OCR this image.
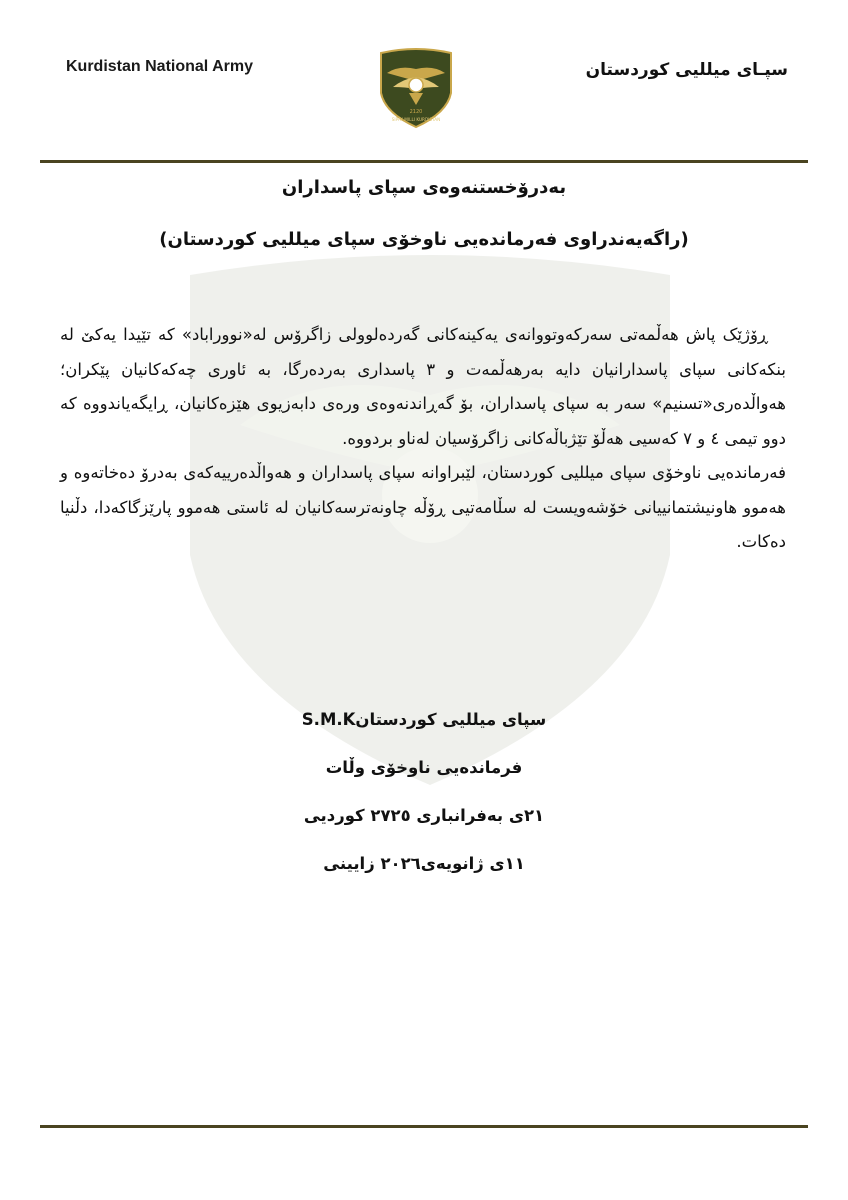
Kurdistan National Army
2120
SIPAY MILLI KURDISTAN
سپـای میللیی کوردستان
بەدرۆخستنەوەی سپای پاسداران
(راگەیەندراوی فەرماندەیی ناوخۆی سپای میللیی کوردستان)

ڕۆژێک پاش هەڵمەتی سەرکەوتووانەی یەکینەکانی گەردەلوولی زاگرۆس لە«نووراباد» کە تێیدا یەکێ لە بنکەکانی سپای پاسدارانیان دایە بەرهەڵمەت و ٣ پاسداری بەردەرگا، بە ئاوری چەکەکانیان پێکران؛ هەواڵدەری«تسنیم» سەر بە سپای پاسداران، بۆ گەڕاندنەوەی ورەی دابەزیوی هێزەکانیان، ڕایگەیاندووە کە دوو تیمی ٤ و ٧ کەسیی هەڵۆ تێژباڵەکانی زاگرۆسیان لەناو بردووە.

فەرماندەیی ناوخۆی سپای میللیی کوردستان، لێبراوانە سپای پاسداران و هەواڵدەرییەکەی بەدرۆ دەخاتەوە و هەموو هاونیشتمانییانی خۆشەویست لە سڵامەتیی ڕۆڵە چاونەترسەکانیان لە ئاستی هەموو پارێزگاکەدا، دڵنیا دەکات.

سپای میللیی کوردستانS.M.K
فرماندەیی ناوخۆی وڵات
٢١ی بەفرانباری ٢٧٢٥ کوردیی
١١ی ژانویەی٢٠٢٦ زایینی
